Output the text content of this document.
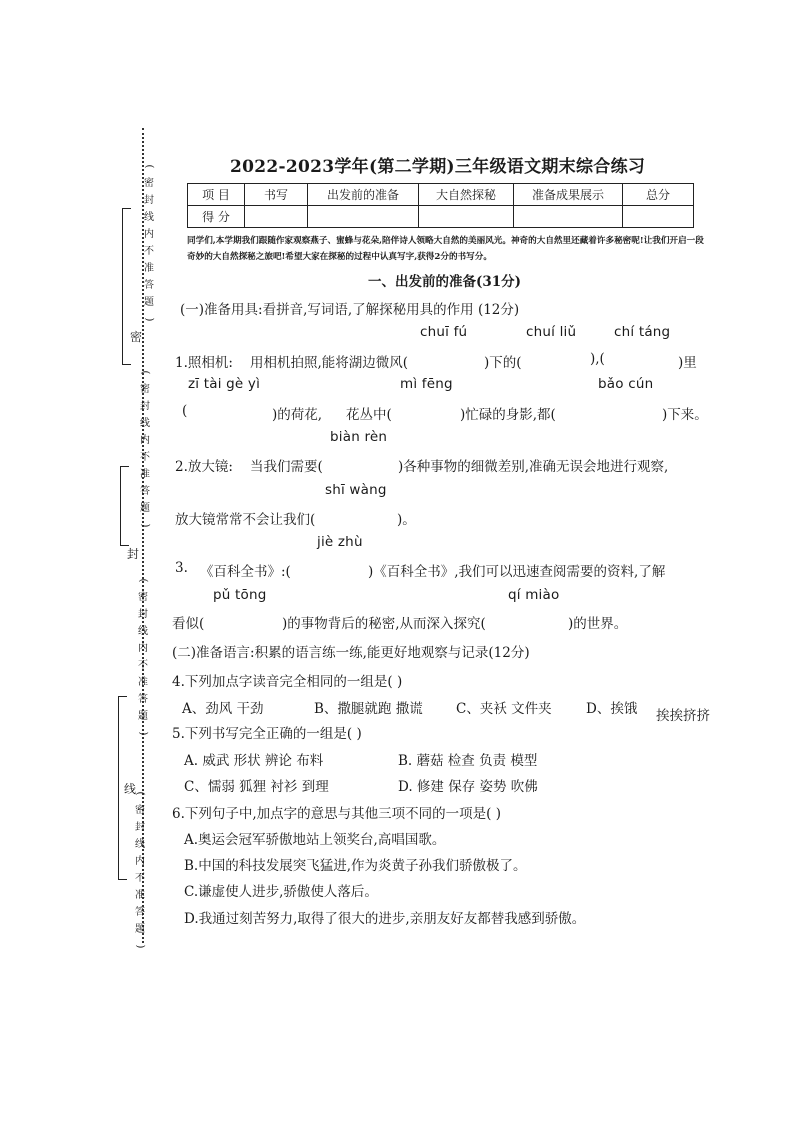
(
密
封
线
内
不
准
答
题
)
(
密
封
线
内
不
准
答
题
)
(
密
封
线
内
不
准
答
题
)
(
密
封
线
内
不
准
答
题
)
密
封
线
2022-2023学年(第二学期)三年级语文期末综合练习
项 目	书写	出发前的准备	大自然探秘	准备成果展示	总分
得 分					
同学们,本学期我们跟随作家观察燕子、蜜蜂与花朵,陪伴诗人领略大自然的美丽风光。神奇的大自然里还藏着许多秘密呢!让我们开启一段奇妙的大自然探秘之旅吧!希望大家在探秘的过程中认真写字,获得2分的书写分。
一、出发前的准备(31分)
(一)准备用具:看拼音,写词语,了解探秘用具的作用 (12分)
chuī fú	chuí liǔ	chí táng
1.照相机: 用相机拍照,能将湖边微风(	)下的(	),(	)里
zī tài gè yì	mì fēng	bǎo cún
(	)的荷花, 花丛中(	)忙碌的身影,都(	)下来。
biàn rèn
2.放大镜: 当我们需要(	)各种事物的细微差别,准确无误会地进行观察,
shī wàng
放大镜常常不会让我们(	)。
jiè zhù
3. 《百科全书》:(	)《百科全书》,我们可以迅速查阅需要的资料,了解
pǔ tōng	qí miào
看似(	)的事物背后的秘密,从而深入探究(	)的世界。
(二)准备语言:积累的语言练一练,能更好地观察与记录(12分)
4.下列加点字读音完全相同的一组是( )
A、劲风 干劲	B、撒腿就跑 撒谎 C、夹袄 文件夹	D、挨饿 挨挨挤挤
5.下列书写完全正确的一组是( )
A. 威武 形状 辨论 布料	B. 蘑菇 检查 负责 模型
C、懦弱 狐狸 衬衫 到理	D. 修建 保存 姿势 吹佛
6.下列句子中,加点字的意思与其他三项不同的一项是( )
A.奥运会冠军骄傲地站上领奖台,高唱国歌。
B.中国的科技发展突飞猛进,作为炎黄子孙我们骄傲极了。
C.谦虚使人进步,骄傲使人落后。
D.我通过刻苦努力,取得了很大的进步,亲朋友好友都替我感到骄傲。
